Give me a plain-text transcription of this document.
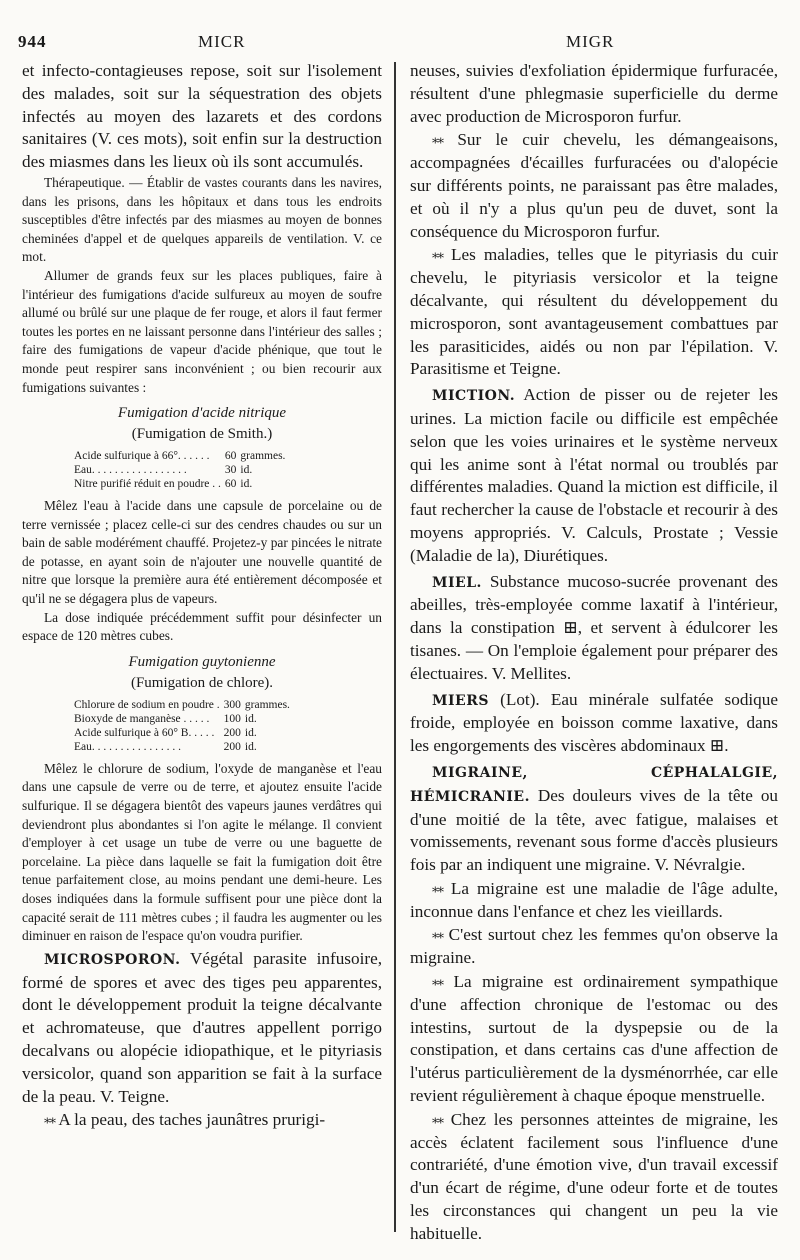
944	MICR	MIGR

et infecto-contagieuses repose, soit sur l'isolement des malades, soit sur la séquestration des objets infectés au moyen des lazarets et des cordons sanitaires (V. ces mots), soit enfin sur la destruction des miasmes dans les lieux où ils sont accumulés.

Thérapeutique. — Établir de vastes courants dans les navires, dans les prisons, dans les hôpitaux et dans tous les endroits susceptibles d'être infectés par des miasmes au moyen de bonnes cheminées d'appel et de quelques appareils de ventilation. V. ce mot.

Allumer de grands feux sur les places publiques, faire à l'intérieur des fumigations d'acide sulfureux au moyen de soufre allumé ou brûlé sur une plaque de fer rouge, et alors il faut fermer toutes les portes en ne laissant personne dans l'intérieur des salles ; faire des fumigations de vapeur d'acide phénique, que tout le monde peut respirer sans inconvénient ; ou bien recourir aux fumigations suivantes :

Fumigation d'acide nitrique
(Fumigation de Smith.)
Acide sulfurique à 66°. . . . . .	60	grammes.
Eau. . . . . . . . . . . . . . . . .	30	id.
Nitre purifié réduit en poudre . .	60	id.

Mêlez l'eau à l'acide dans une capsule de porcelaine ou de terre vernissée ; placez celle-ci sur des cendres chaudes ou sur un bain de sable modérément chauffé. Projetez-y par pincées le nitrate de potasse, en ayant soin de n'ajouter une nouvelle quantité de nitre que lorsque la première aura été entièrement décomposée et qu'il ne se dégagera plus de vapeurs.

La dose indiquée précédemment suffit pour désinfecter un espace de 120 mètres cubes.

Fumigation guytonienne
(Fumigation de chlore).
Chlorure de sodium en poudre .	300	grammes.
Bioxyde de manganèse . . . . .	100	id.
Acide sulfurique à 60° B. . . . .	200	id.
Eau. . . . . . . . . . . . . . . .	200	id.

Mêlez le chlorure de sodium, l'oxyde de manganèse et l'eau dans une capsule de verre ou de terre, et ajoutez ensuite l'acide sulfurique. Il se dégagera bientôt des vapeurs jaunes verdâtres qui deviendront plus abondantes si l'on agite le mélange. Il convient d'employer à cet usage un tube de verre ou une baguette de porcelaine. La pièce dans laquelle se fait la fumigation doit être tenue parfaitement close, au moins pendant une demi-heure. Les doses indiquées dans la formule suffisent pour une pièce dont la capacité serait de 111 mètres cubes ; il faudra les augmenter ou les diminuer en raison de l'espace qu'on voudra purifier.

MICROSPORON. Végétal parasite infusoire, formé de spores et avec des tiges peu apparentes, dont le développement produit la teigne décalvante et achromateuse, que d'autres appellent porrigo decalvans ou alopécie idiopathique, et le pityriasis versicolor, quand son apparition se fait à la surface de la peau. V. Teigne.

⁎⁎ A la peau, des taches jaunâtres prurigi-

neuses, suivies d'exfoliation épidermique furfuracée, résultent d'une phlegmasie superficielle du derme avec production de Microsporon furfur.

⁎⁎ Sur le cuir chevelu, les démangeaisons, accompagnées d'écailles furfuracées ou d'alopécie sur différents points, ne paraissant pas être malades, et où il n'y a plus qu'un peu de duvet, sont la conséquence du Microsporon furfur.

⁎⁎ Les maladies, telles que le pityriasis du cuir chevelu, le pityriasis versicolor et la teigne décalvante, qui résultent du développement du microsporon, sont avantageusement combattues par les parasiticides, aidés ou non par l'épilation. V. Parasitisme et Teigne.

MICTION. Action de pisser ou de rejeter les urines. La miction facile ou difficile est empêchée selon que les voies urinaires et le système nerveux qui les anime sont à l'état normal ou troublés par différentes maladies. Quand la miction est difficile, il faut rechercher la cause de l'obstacle et recourir à des moyens appropriés. V. Calculs, Prostate ; Vessie (Maladie de la), Diurétiques.

MIEL. Substance mucoso-sucrée provenant des abeilles, très-employée comme laxatif à l'intérieur, dans la constipation ⊞, et servent à édulcorer les tisanes. — On l'emploie également pour préparer des électuaires. V. Mellites.

MIERS (Lot). Eau minérale sulfatée sodique froide, employée en boisson comme laxative, dans les engorgements des viscères abdominaux ⊞.

MIGRAINE, CÉPHALALGIE, HÉMICRANIE. Des douleurs vives de la tête ou d'une moitié de la tête, avec fatigue, malaises et vomissements, revenant sous forme d'accès plusieurs fois par an indiquent une migraine. V. Névralgie.

⁎⁎ La migraine est une maladie de l'âge adulte, inconnue dans l'enfance et chez les vieillards.

⁎⁎ C'est surtout chez les femmes qu'on observe la migraine.

⁎⁎ La migraine est ordinairement sympathique d'une affection chronique de l'estomac ou des intestins, surtout de la dyspepsie ou de la constipation, et dans certains cas d'une affection de l'utérus particulièrement de la dysménorrhée, car elle revient régulièrement à chaque époque menstruelle.

⁎⁎ Chez les personnes atteintes de migraine, les accès éclatent facilement sous l'influence d'une contrariété, d'une émotion vive, d'un travail excessif d'un écart de régime, d'une odeur forte et de toutes les circonstances qui changent un peu la vie habituelle.
